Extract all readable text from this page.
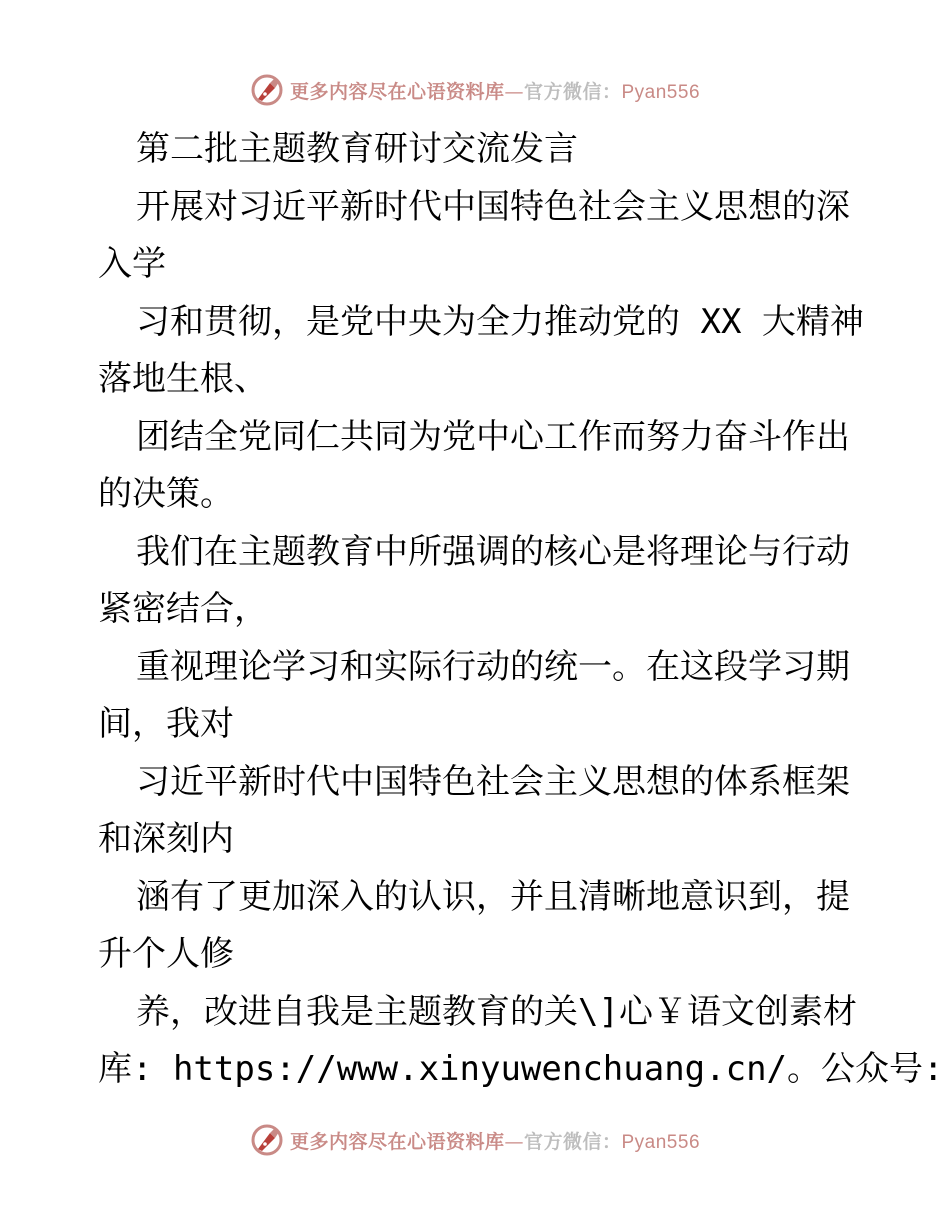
更多内容尽在心语资料库—官方微信：Pyan556
第二批主题教育研讨交流发言
开展对习近平新时代中国特色社会主义思想的深
入学
习和贯彻，是党中央为全力推动党的 XX 大精神
落地生根、
团结全党同仁共同为党中心工作而努力奋斗作出
的决策。
我们在主题教育中所强调的核心是将理论与行动
紧密结合，
重视理论学习和实际行动的统一。在这段学习期
间，我对
习近平新时代中国特色社会主义思想的体系框架
和深刻内
涵有了更加深入的认识，并且清晰地意识到，提
升个人修
养，改进自我是主题教育的关\]心￥语文创素材
库: https://www.xinyuwenchuang.cn/。公众号:
更多内容尽在心语资料库—官方微信：Pyan556
